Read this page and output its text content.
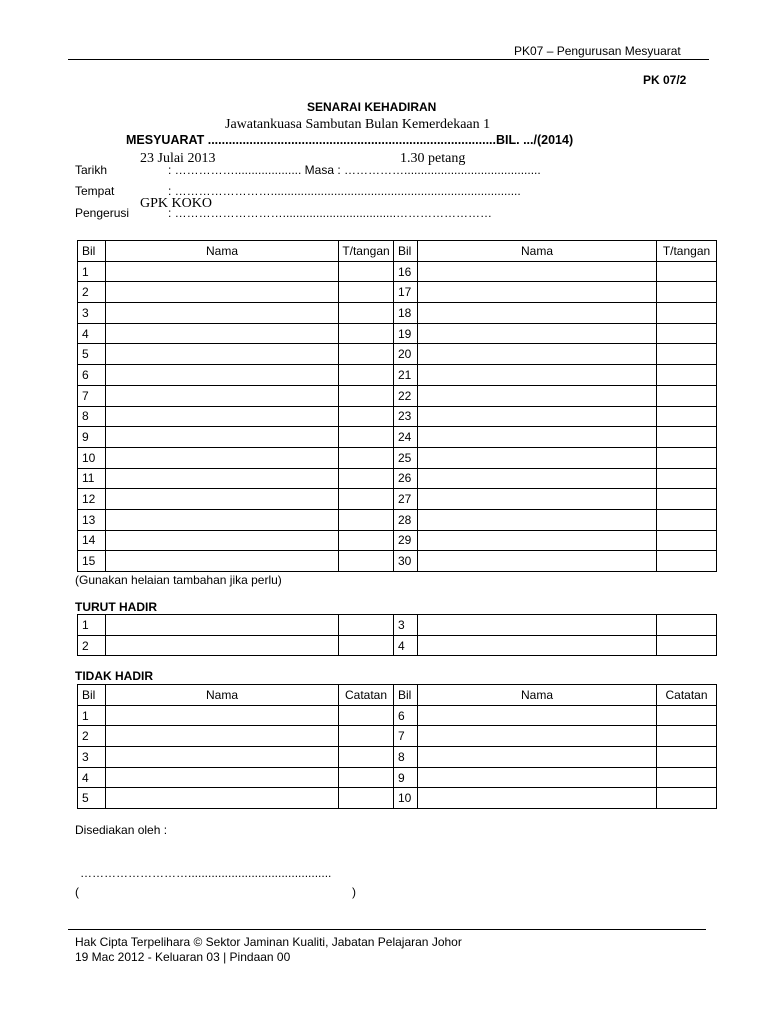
PK07 – Pengurusan Mesyuarat
PK 07/2
SENARAI KEHADIRAN
Jawatankuasa Sambutan Bulan Kemerdekaan 1
MESYUARAT ...................................................................................BIL. .../(2014)
23 Julai 2013	1.30 petang
Tarikh	: …………….................... Masa : …………….........................................
Tempat	: ……………………...........................................................................
GPK KOKO
Pengerusi	: ………………………..................................……………………
Bil	Nama	T/tangan	Bil	Nama	T/tangan
1			16		
2			17		
3			18		
4			19		
5			20		
6			21		
7			22		
8			23		
9			24		
10			25		
11			26		
12			27		
13			28		
14			29		
15			30		
(Gunakan helaian tambahan jika perlu)
TURUT HADIR
1			3		
2			4		
TIDAK HADIR
Bil	Nama	Catatan	Bil	Nama	Catatan
1			6		
2			7		
3			8		
4			9		
5			10		
Disediakan oleh :
………………………...........................................
(	)
Hak Cipta Terpelihara © Sektor Jaminan Kualiti, Jabatan Pelajaran Johor
19 Mac 2012 - Keluaran 03 | Pindaan 00
